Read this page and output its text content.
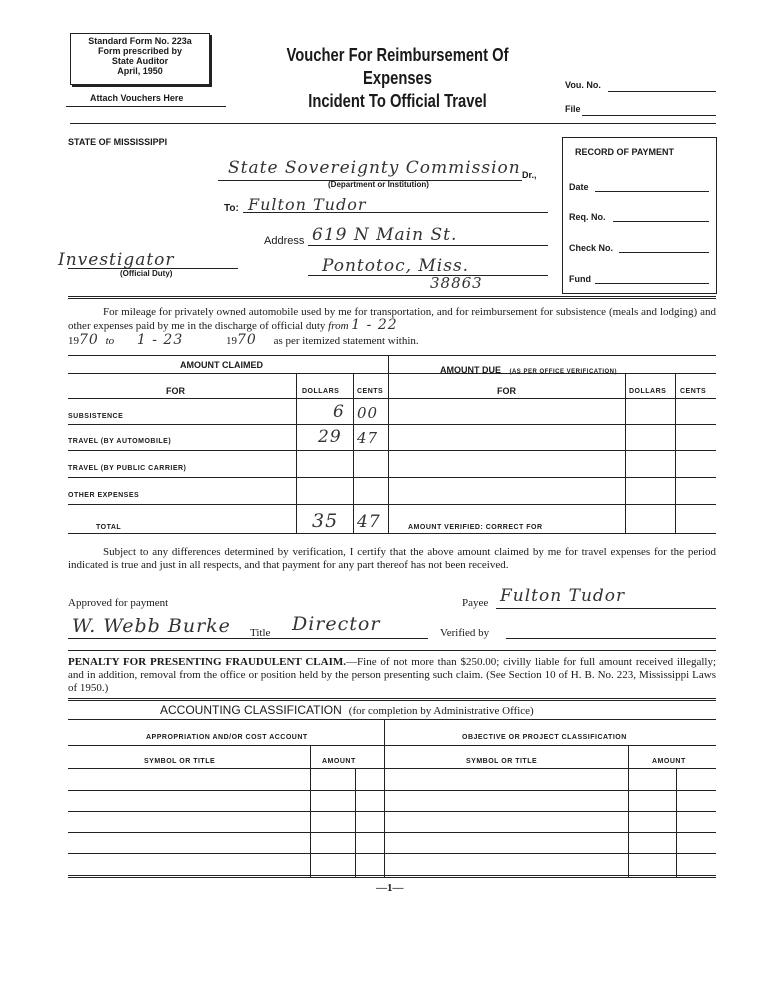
Standard Form No. 223a
Form prescribed by
State Auditor
April, 1950
Attach Vouchers Here
Voucher For Reimbursement Of Expenses
Incident To Official Travel
Vou. No.
File
STATE OF MISSISSIPPI
State Sovereignty Commission Dr.,
(Department or Institution)
To: Fulton Tudor
Address 619 N Main St.
Pontotoc, Miss.
38863
Investigator
(Official Duty)
RECORD OF PAYMENT
Date
Req. No.
Check No.
Fund
For mileage for privately owned automobile used by me for transportation, and for reimbursement for subsistence (meals and lodging) and other expenses paid by me in the discharge of official duty from 1 - 22
1970 to 1 - 23	1970 as per itemized statement within.
AMOUNT CLAIMED	AMOUNT DUE (AS PER OFFICE VERIFICATION)
FOR	DOLLARS	CENTS	FOR	DOLLARS CENTS
SUBSISTENCE	6 00
TRAVEL (BY AUTOMOBILE)	29 47
TRAVEL (BY PUBLIC CARRIER)
OTHER EXPENSES
TOTAL	35 47	AMOUNT VERIFIED: CORRECT FOR
Subject to any differences determined by verification, I certify that the above amount claimed by me for travel expenses for the period indicated is true and just in all respects, and that payment for any part thereof has not been received.
Approved for payment
W. Webb Burke Title Director
Payee Fulton Tudor
Verified by
PENALTY FOR PRESENTING FRAUDULENT CLAIM.—Fine of not more than $250.00; civilly liable for full amount received illegally; and in addition, removal from the office or position held by the person presenting such claim. (See Section 10 of H. B. No. 223, Mississippi Laws of 1950.)
ACCOUNTING CLASSIFICATION (for completion by Administrative Office)
APPROPRIATION AND/OR COST ACCOUNT	OBJECTIVE OR PROJECT CLASSIFICATION
SYMBOL OR TITLE	AMOUNT	SYMBOL OR TITLE	AMOUNT
—1—
